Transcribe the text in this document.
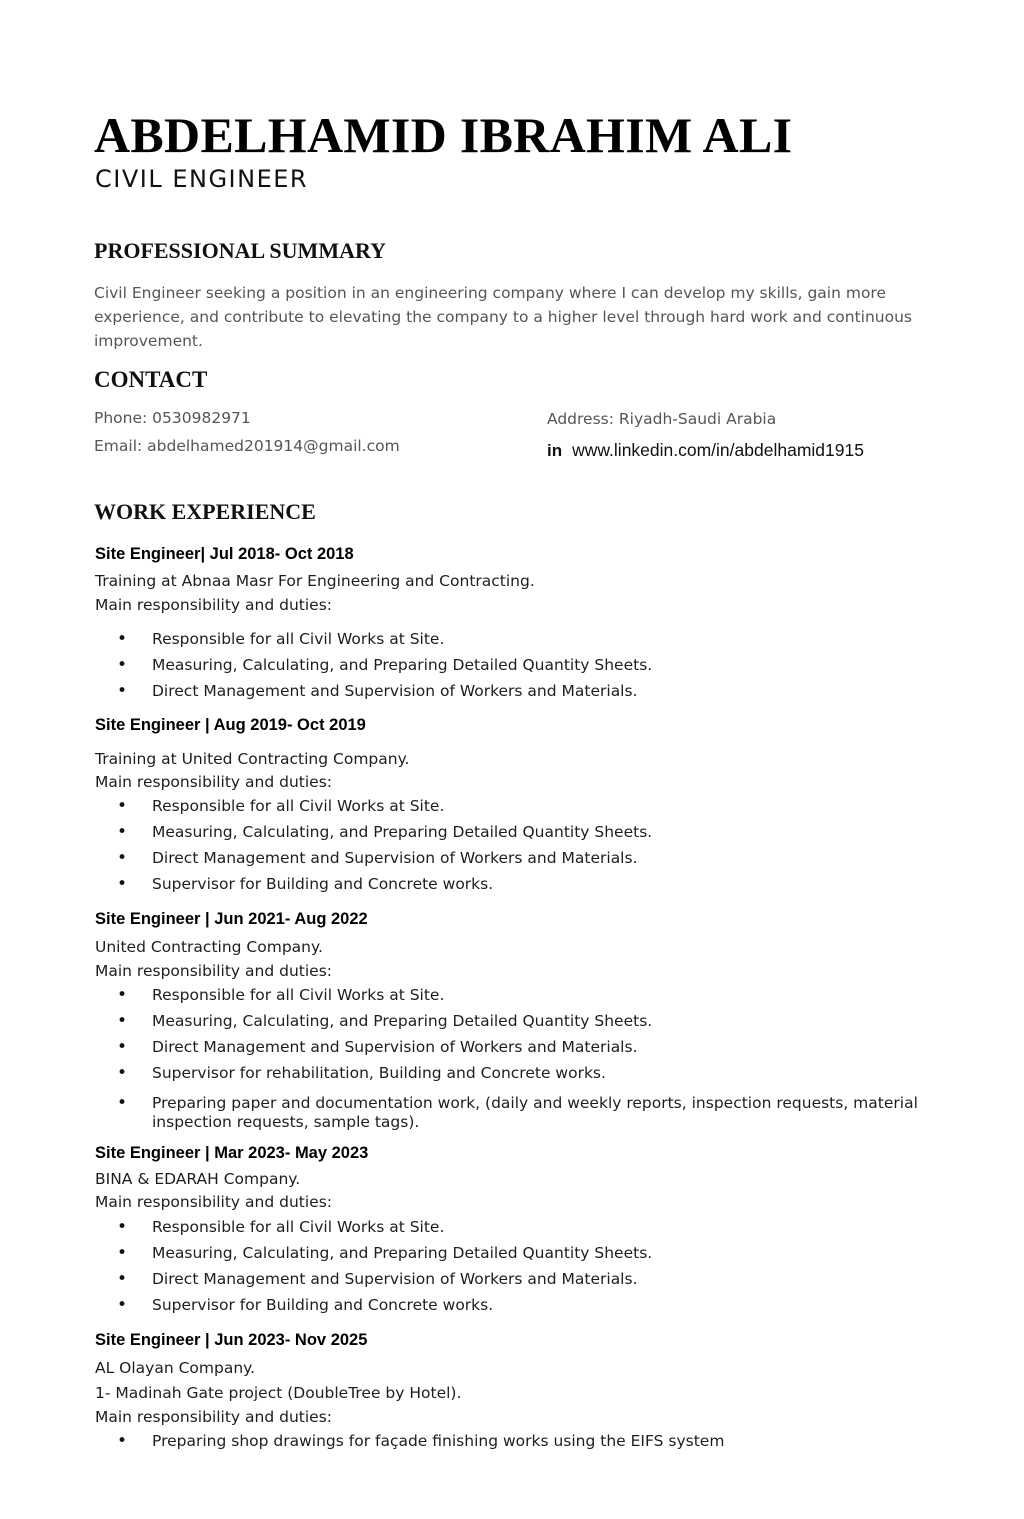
ABDELHAMID IBRAHIM ALI
CIVIL ENGINEER
PROFESSIONAL SUMMARY
Civil Engineer seeking a position in an engineering company where I can develop my skills, gain more experience, and contribute to elevating the company to a higher level through hard work and continuous improvement.
CONTACT
Phone: 0530982971
Email: abdelhamed201914@gmail.com
Address: Riyadh-Saudi Arabia
in www.linkedin.com/in/abdelhamid1915
WORK EXPERIENCE
Site Engineer| Jul 2018- Oct 2018
Training at Abnaa Masr For Engineering and Contracting.
Main responsibility and duties:
• Responsible for all Civil Works at Site.
• Measuring, Calculating, and Preparing Detailed Quantity Sheets.
• Direct Management and Supervision of Workers and Materials.
Site Engineer | Aug 2019- Oct 2019
Training at United Contracting Company.
Main responsibility and duties:
• Responsible for all Civil Works at Site.
• Measuring, Calculating, and Preparing Detailed Quantity Sheets.
• Direct Management and Supervision of Workers and Materials.
• Supervisor for Building and Concrete works.
Site Engineer | Jun 2021- Aug 2022
United Contracting Company.
Main responsibility and duties:
• Responsible for all Civil Works at Site.
• Measuring, Calculating, and Preparing Detailed Quantity Sheets.
• Direct Management and Supervision of Workers and Materials.
• Supervisor for rehabilitation, Building and Concrete works.
• Preparing paper and documentation work, (daily and weekly reports, inspection requests, material inspection requests, sample tags).
Site Engineer | Mar 2023- May 2023
BINA & EDARAH Company.
Main responsibility and duties:
• Responsible for all Civil Works at Site.
• Measuring, Calculating, and Preparing Detailed Quantity Sheets.
• Direct Management and Supervision of Workers and Materials.
• Supervisor for Building and Concrete works.
Site Engineer | Jun 2023- Nov 2025
AL Olayan Company.
1- Madinah Gate project (DoubleTree by Hotel).
Main responsibility and duties:
• Preparing shop drawings for façade finishing works using the EIFS system
